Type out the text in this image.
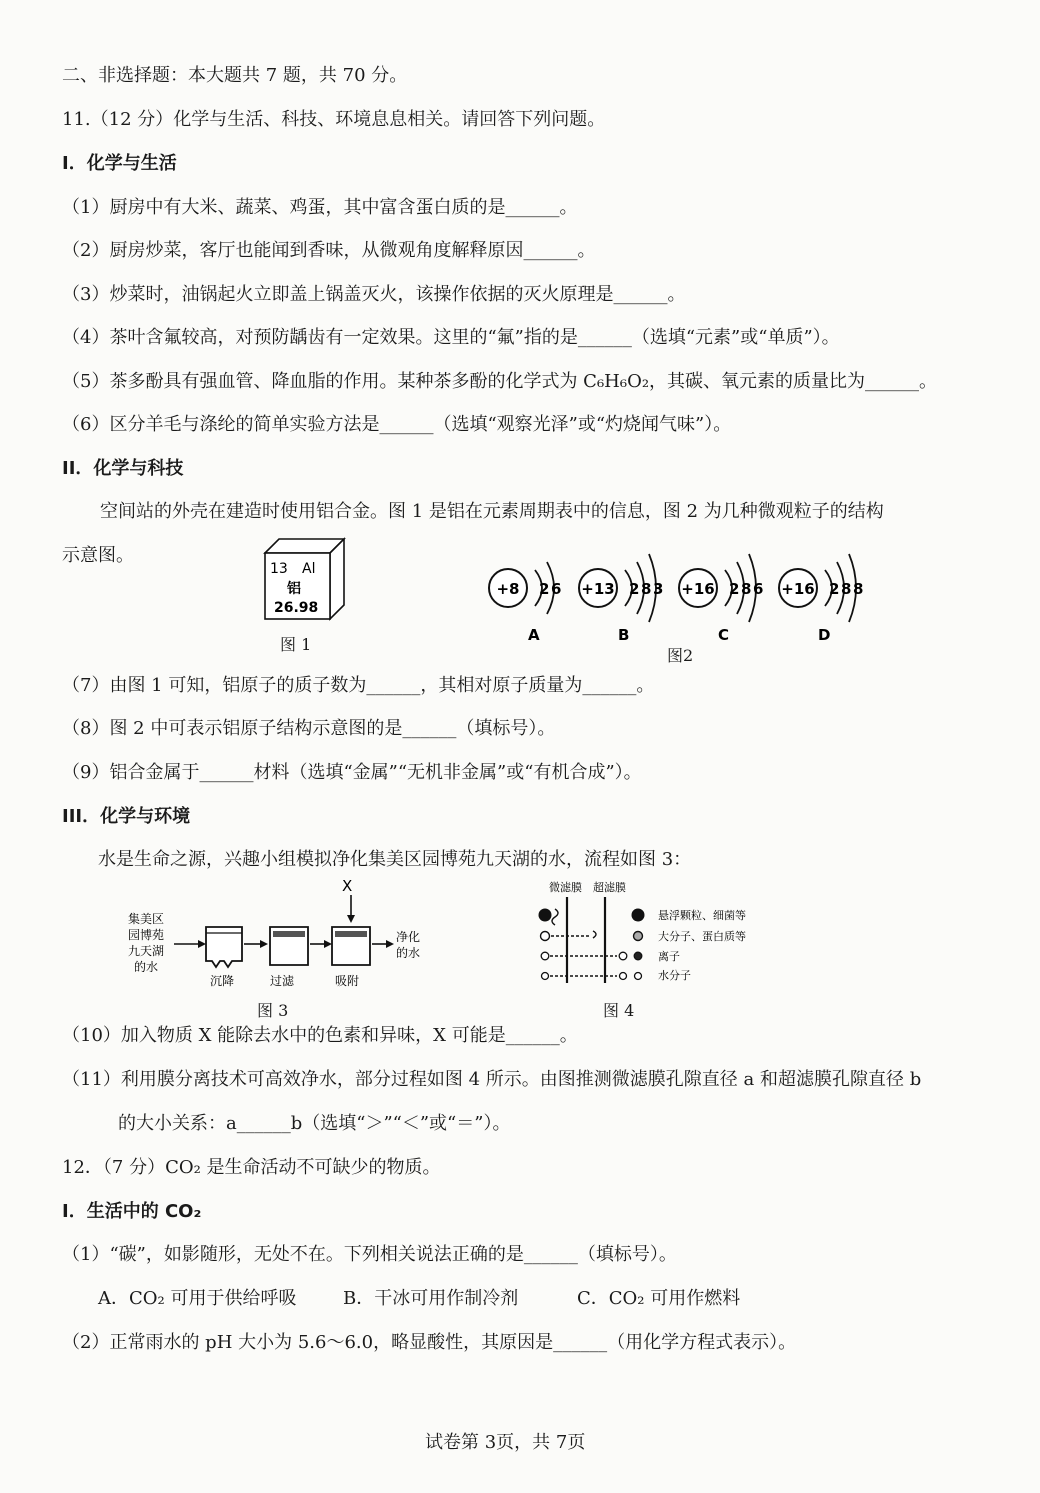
二、非选择题：本大题共 7 题，共 70 分。
11.（12 分）化学与生活、科技、环境息息相关。请回答下列问题。
I．化学与生活
（1）厨房中有大米、蔬菜、鸡蛋，其中富含蛋白质的是______。
（2）厨房炒菜，客厅也能闻到香味，从微观角度解释原因______。
（3）炒菜时，油锅起火立即盖上锅盖灭火，该操作依据的灭火原理是______。
（4）茶叶含氟较高，对预防龋齿有一定效果。这里的“氟”指的是______（选填“元素”或“单质”）。
（5）茶多酚具有强血管、降血脂的作用。某种茶多酚的化学式为 C₆H₆O₂，其碳、氧元素的质量比为______。
（6）区分羊毛与涤纶的简单实验方法是______（选填“观察光泽”或“灼烧闻气味”）。
II．化学与科技
空间站的外壳在建造时使用铝合金。图 1 是铝在元素周期表中的信息，图 2 为几种微观粒子的结构
示意图。
13 Al
铝
26.98
图 1
+8 2 6
A
+13 2 8 3
B
+16 2 8 6
C
+16 2 8 8
D
图2
（7）由图 1 可知，铝原子的质子数为______，其相对原子质量为______。
（8）图 2 中可表示铝原子结构示意图的是______（填标号）。
（9）铝合金属于______材料（选填“金属”“无机非金属”或“有机合成”）。
III．化学与环境
水是生命之源，兴趣小组模拟净化集美区园博苑九天湖的水，流程如图 3：
集美区
园博苑
九天湖
的水
X
沉降	过滤	吸附
净化
的水
图 3
微滤膜 超滤膜
悬浮颗粒、细菌等
大分子、蛋白质等
离子
水分子
图 4
（10）加入物质 X 能除去水中的色素和异味，X 可能是______。
（11）利用膜分离技术可高效净水，部分过程如图 4 所示。由图推测微滤膜孔隙直径 a 和超滤膜孔隙直径 b
的大小关系：a______b（选填“＞”“＜”或“＝”）。
12．（7 分）CO₂ 是生命活动不可缺少的物质。
I．生活中的 CO₂
（1）“碳”，如影随形，无处不在。下列相关说法正确的是______（填标号）。
A．CO₂ 可用于供给呼吸	B．干冰可用作制冷剂	C．CO₂ 可用作燃料
（2）正常雨水的 pH 大小为 5.6～6.0，略显酸性，其原因是______（用化学方程式表示）。
试卷第 3页，共 7页
